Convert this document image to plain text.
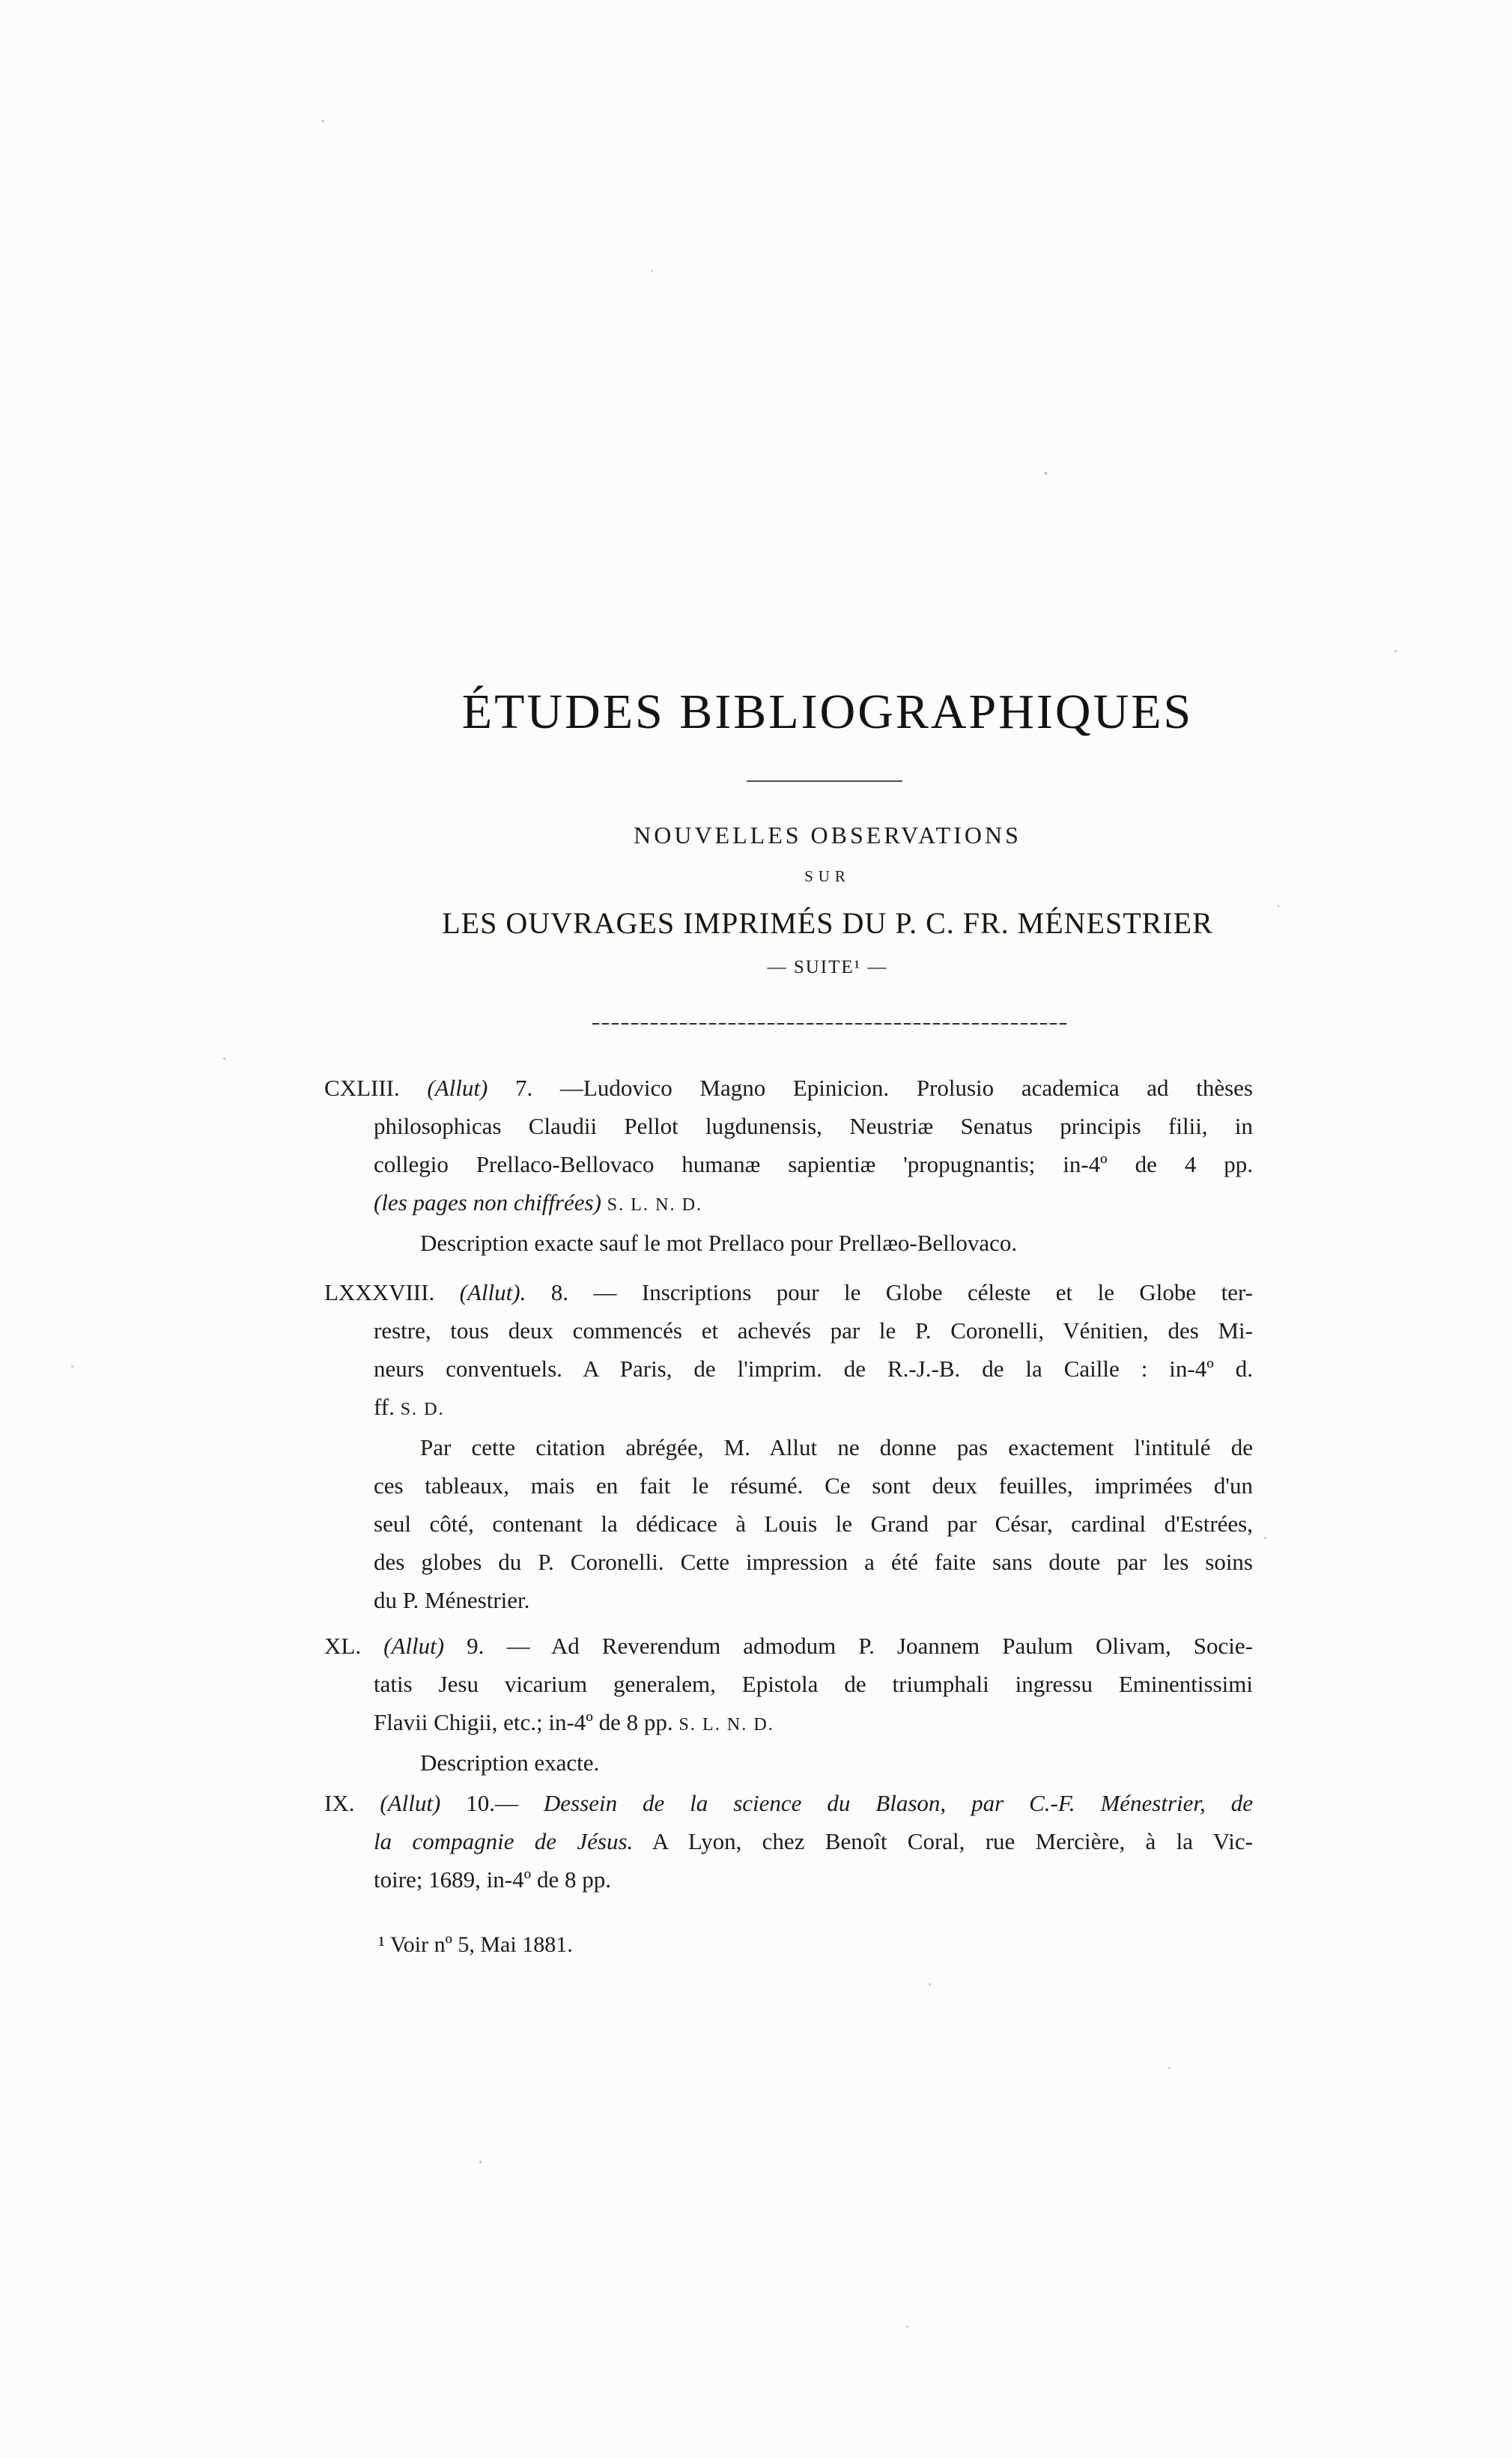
ÉTUDES BIBLIOGRAPHIQUES
NOUVELLES OBSERVATIONS
SUR
LES OUVRAGES IMPRIMÉS DU P. C. FR. MÉNESTRIER
— SUITE¹ —
CXLIII. (Allut) 7. —Ludovico Magno Epinicion. Prolusio academica ad thèses
philosophicas Claudii Pellot lugdunensis, Neustriæ Senatus principis filii, in
collegio Prellaco-Bellovaco humanæ sapientiæ 'propugnantis; in-4º de 4 pp.
(les pages non chiffrées) S. L. N. D.
Description exacte sauf le mot Prellaco pour Prellæo-Bellovaco.
LXXXVIII. (Allut). 8. — Inscriptions pour le Globe céleste et le Globe ter-
restre, tous deux commencés et achevés par le P. Coronelli, Vénitien, des Mi-
neurs conventuels. A Paris, de l'imprim. de R.-J.-B. de la Caille : in-4º d.
ff. S. D.
Par cette citation abrégée, M. Allut ne donne pas exactement l'intitulé de
ces tableaux, mais en fait le résumé. Ce sont deux feuilles, imprimées d'un
seul côté, contenant la dédicace à Louis le Grand par César, cardinal d'Estrées,
des globes du P. Coronelli. Cette impression a été faite sans doute par les soins
du P. Ménestrier.
XL. (Allut) 9. — Ad Reverendum admodum P. Joannem Paulum Olivam, Socie-
tatis Jesu vicarium generalem, Epistola de triumphali ingressu Eminentissimi
Flavii Chigii, etc.; in-4º de 8 pp. S. L. N. D.
Description exacte.
IX. (Allut) 10.— Dessein de la science du Blason, par C.-F. Ménestrier, de
la compagnie de Jésus. A Lyon, chez Benoît Coral, rue Mercière, à la Vic-
toire; 1689, in-4º de 8 pp.
¹ Voir nº 5, Mai 1881.
